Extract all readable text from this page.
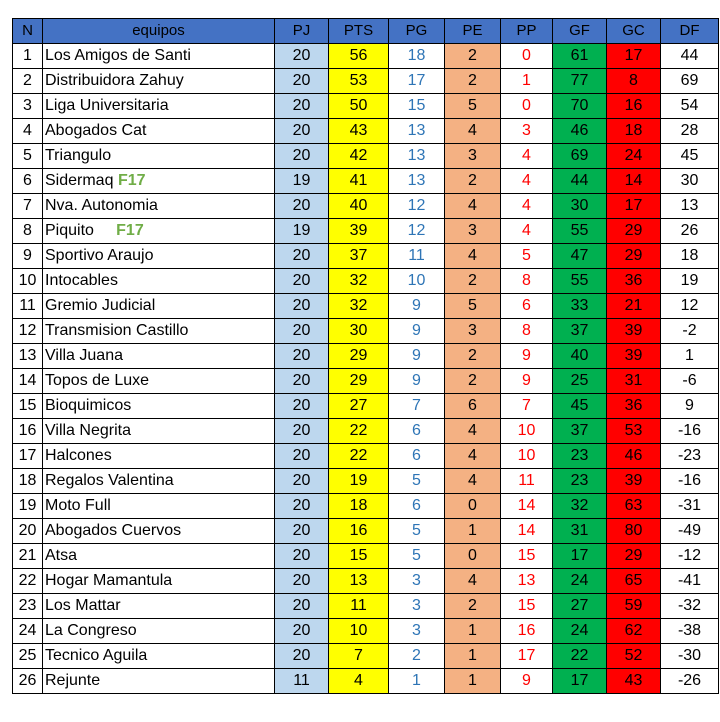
N	equipos	PJ	PTS	PG	PE	PP	GF	GC	DF
1	Los Amigos de Santi	20	56	18	2	0	61	17	44
2	Distribuidora Zahuy	20	53	17	2	1	77	8	69
3	Liga Universitaria	20	50	15	5	0	70	16	54
4	Abogados Cat	20	43	13	4	3	46	18	28
5	Triangulo	20	42	13	3	4	69	24	45
6	Sidermaq F17	19	41	13	2	4	44	14	30
7	Nva. Autonomia	20	40	12	4	4	30	17	13
8	Piquito F17	19	39	12	3	4	55	29	26
9	Sportivo Araujo	20	37	11	4	5	47	29	18
10	Intocables	20	32	10	2	8	55	36	19
11	Gremio Judicial	20	32	9	5	6	33	21	12
12	Transmision Castillo	20	30	9	3	8	37	39	-2
13	Villa Juana	20	29	9	2	9	40	39	1
14	Topos de Luxe	20	29	9	2	9	25	31	-6
15	Bioquimicos	20	27	7	6	7	45	36	9
16	Villa Negrita	20	22	6	4	10	37	53	-16
17	Halcones	20	22	6	4	10	23	46	-23
18	Regalos Valentina	20	19	5	4	11	23	39	-16
19	Moto Full	20	18	6	0	14	32	63	-31
20	Abogados Cuervos	20	16	5	1	14	31	80	-49
21	Atsa	20	15	5	0	15	17	29	-12
22	Hogar Mamantula	20	13	3	4	13	24	65	-41
23	Los Mattar	20	11	3	2	15	27	59	-32
24	La Congreso	20	10	3	1	16	24	62	-38
25	Tecnico Aguila	20	7	2	1	17	22	52	-30
26	Rejunte	11	4	1	1	9	17	43	-26
